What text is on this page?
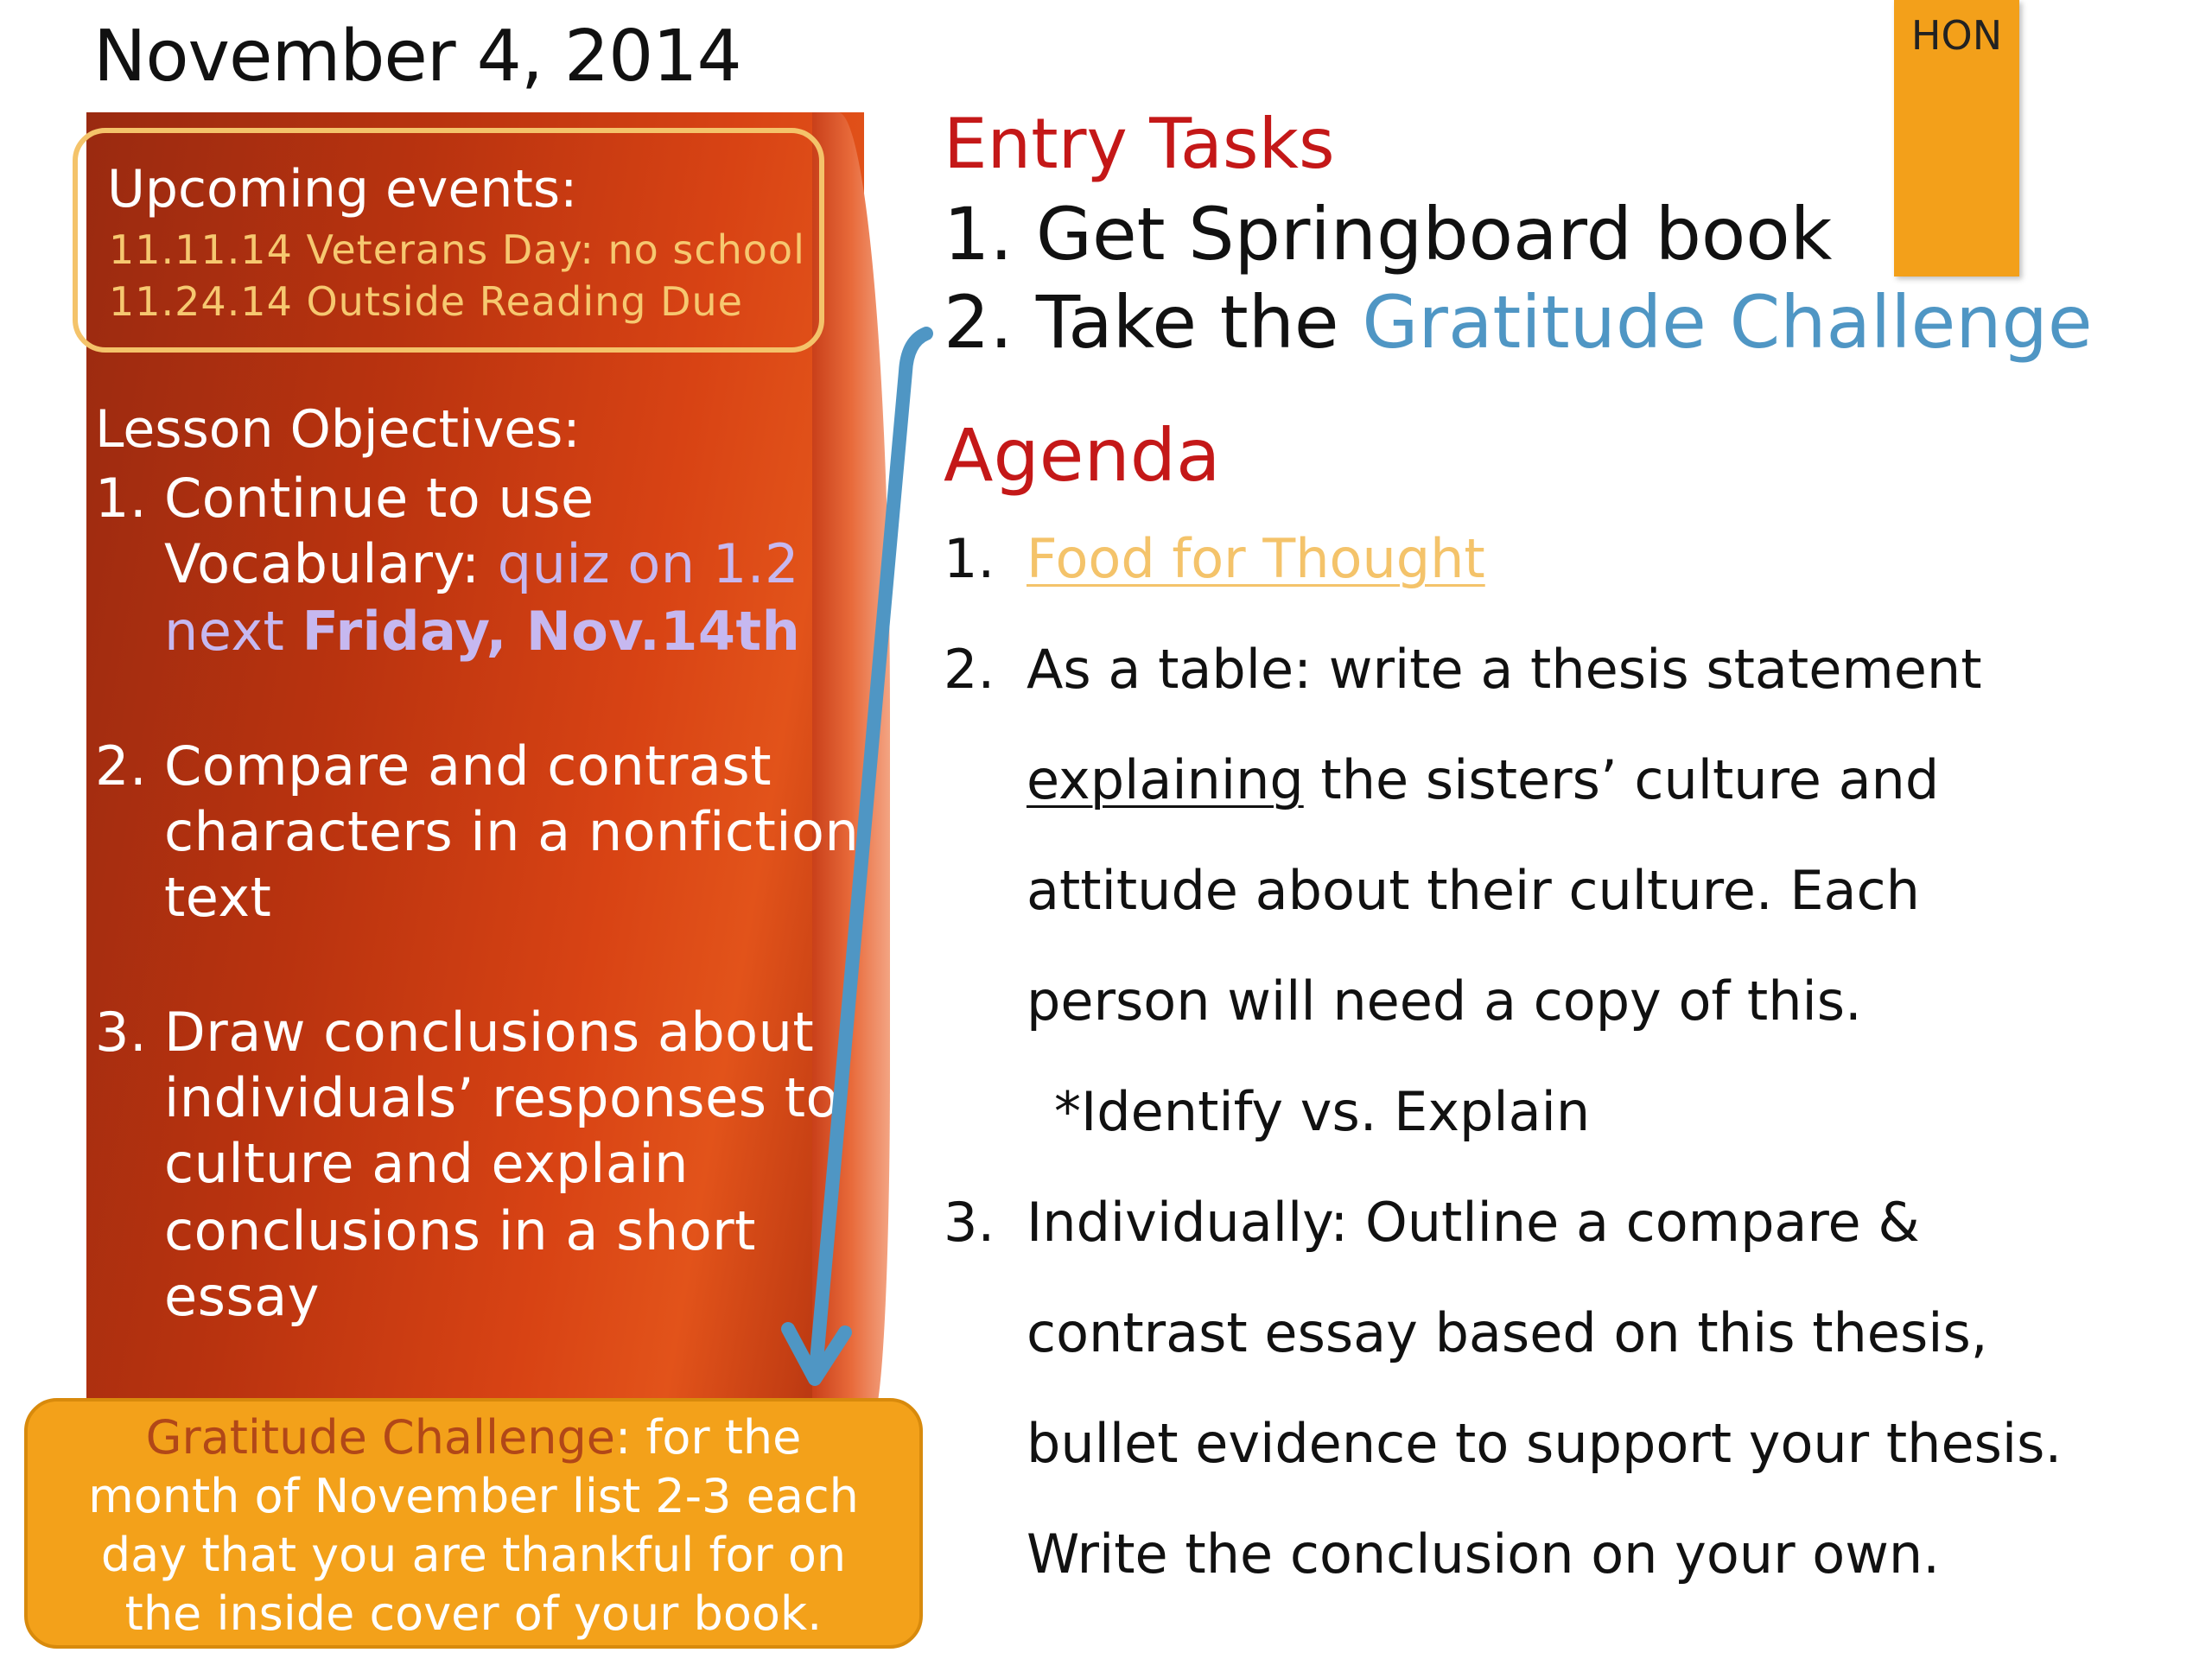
November 4, 2014	HON
Upcoming events:
11.11.14 Veterans Day: no school
11.24.14 Outside Reading Due
Lesson Objectives:
1. Continue to use
Vocabulary: quiz on 1.2
next Friday, Nov.14th
2. Compare and contrast
characters in a nonfiction
text
3. Draw conclusions about
individuals’ responses to
culture and explain
conclusions in a short
essay
Gratitude Challenge: for the
month of November list 2-3 each
day that you are thankful for on
the inside cover of your book.
Entry Tasks
1. Get Springboard book
2. Take the Gratitude Challenge
Agenda
1. Food for Thought
2. As a table: write a thesis statement
explaining the sisters’ culture and
attitude about their culture. Each
person will need a copy of this.
*Identify vs. Explain
3. Individually: Outline a compare &
contrast essay based on this thesis,
bullet evidence to support your thesis.
Write the conclusion on your own.
